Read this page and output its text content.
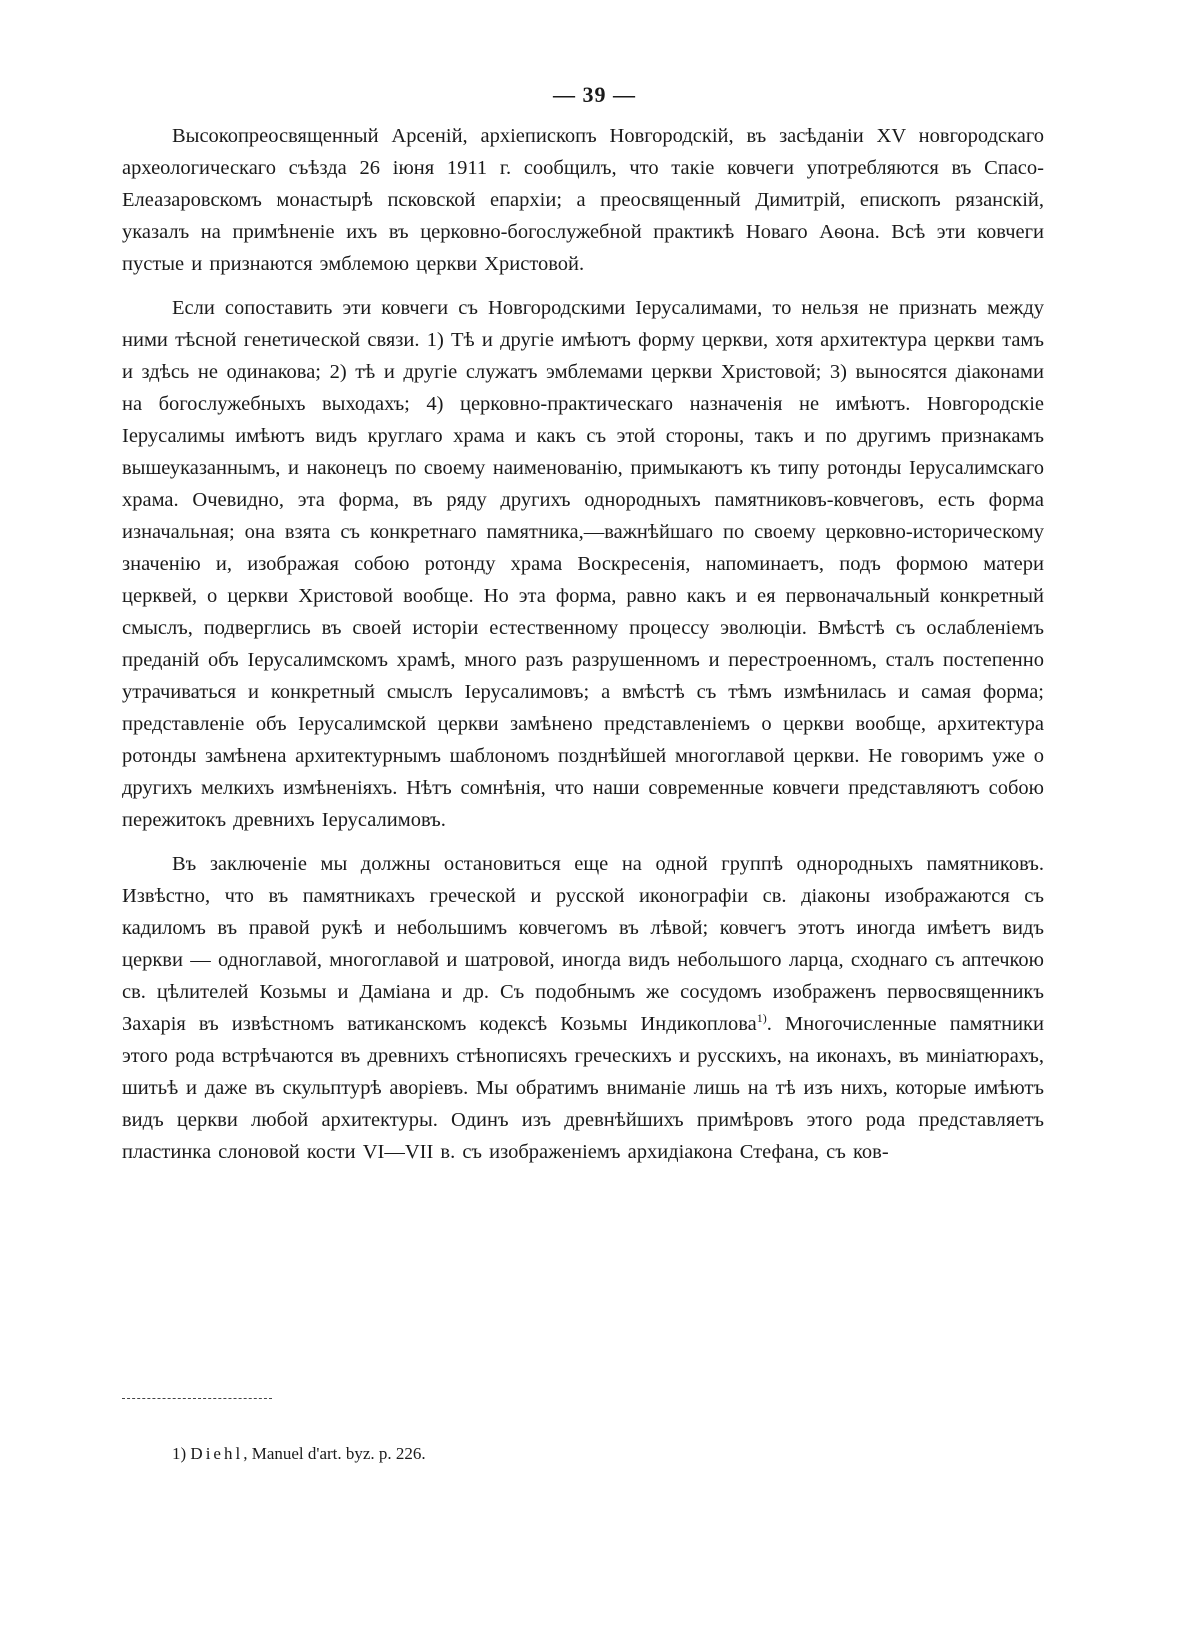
— 39 —

Высокопреосвященный Арсеній, архіепископъ Новгородскій, въ засѣданіи XV новгородскаго археологическаго съѣзда 26 іюня 1911 г. сообщилъ, что такіе ковчеги употребляются въ Спасо-Елеазаровскомъ монастырѣ псковской епархіи; а преосвященный Димитрій, епископъ рязанскій, указалъ на примѣненіе ихъ въ церковно-богослужебной практикѣ Новаго Аѳона. Всѣ эти ковчеги пустые и признаются эмблемою церкви Христовой.

Если сопоставить эти ковчеги съ Новгородскими Іерусалимами, то нельзя не признать между ними тѣсной генетической связи. 1) Тѣ и другіе имѣютъ форму церкви, хотя архитектура церкви тамъ и здѣсь не одинакова; 2) тѣ и другіе служатъ эмблемами церкви Христовой; 3) выносятся діаконами на богослужебныхъ выходахъ; 4) церковно-практическаго назначенія не имѣютъ. Новгородскіе Іерусалимы имѣютъ видъ круглаго храма и какъ съ этой стороны, такъ и по другимъ признакамъ вышеуказаннымъ, и наконецъ по своему наименованію, примыкаютъ къ типу ротонды Іерусалимскаго храма. Очевидно, эта форма, въ ряду другихъ однородныхъ памятниковъ-ковчеговъ, есть форма изначальная; она взята съ конкретнаго памятника,—важнѣйшаго по своему церковно-историческому значенію и, изображая собою ротонду храма Воскресенія, напоминаетъ, подъ формою матери церквей, о церкви Христовой вообще. Но эта форма, равно какъ и ея первоначальный конкретный смыслъ, подверглись въ своей исторіи естественному процессу эволюціи. Вмѣстѣ съ ослабленіемъ преданій объ Іерусалимскомъ храмѣ, много разъ разрушенномъ и перестроенномъ, сталъ постепенно утрачиваться и конкретный смыслъ Іерусалимовъ; а вмѣстѣ съ тѣмъ измѣнилась и самая форма; представленіе объ Іерусалимской церкви замѣнено представленіемъ о церкви вообще, архитектура ротонды замѣнена архитектурнымъ шаблономъ позднѣйшей многоглавой церкви. Не говоримъ уже о другихъ мелкихъ измѣненіяхъ. Нѣтъ сомнѣнія, что наши современные ковчеги представляютъ собою пережитокъ древнихъ Іерусалимовъ.

Въ заключеніе мы должны остановиться еще на одной группѣ однородныхъ памятниковъ. Извѣстно, что въ памятникахъ греческой и русской иконографіи св. діаконы изображаются съ кадиломъ въ правой рукѣ и небольшимъ ковчегомъ въ лѣвой; ковчегъ этотъ иногда имѣетъ видъ церкви — одноглавой, многоглавой и шатровой, иногда видъ небольшого ларца, сходнаго съ аптечкою св. цѣлителей Козьмы и Даміана и др. Съ подобнымъ же сосудомъ изображенъ первосвященникъ Захарія въ извѣстномъ ватиканскомъ кодексѣ Козьмы Индикоплова$^{1)}$. Многочисленные памятники этого рода встрѣчаются въ древнихъ стѣнописяхъ греческихъ и русскихъ, на иконахъ, въ миніатюрахъ, шитьѣ и даже въ скульптурѣ аворіевъ. Мы обратимъ вниманіе лишь на тѣ изъ нихъ, которые имѣютъ видъ церкви любой архитектуры. Одинъ изъ древнѣйшихъ примѣровъ этого рода представляетъ пластинка слоновой кости VI—VII в. съ изображеніемъ архидіакона Стефана, съ ков-

1) Diehl, Manuel d'art. byz. p. 226.
